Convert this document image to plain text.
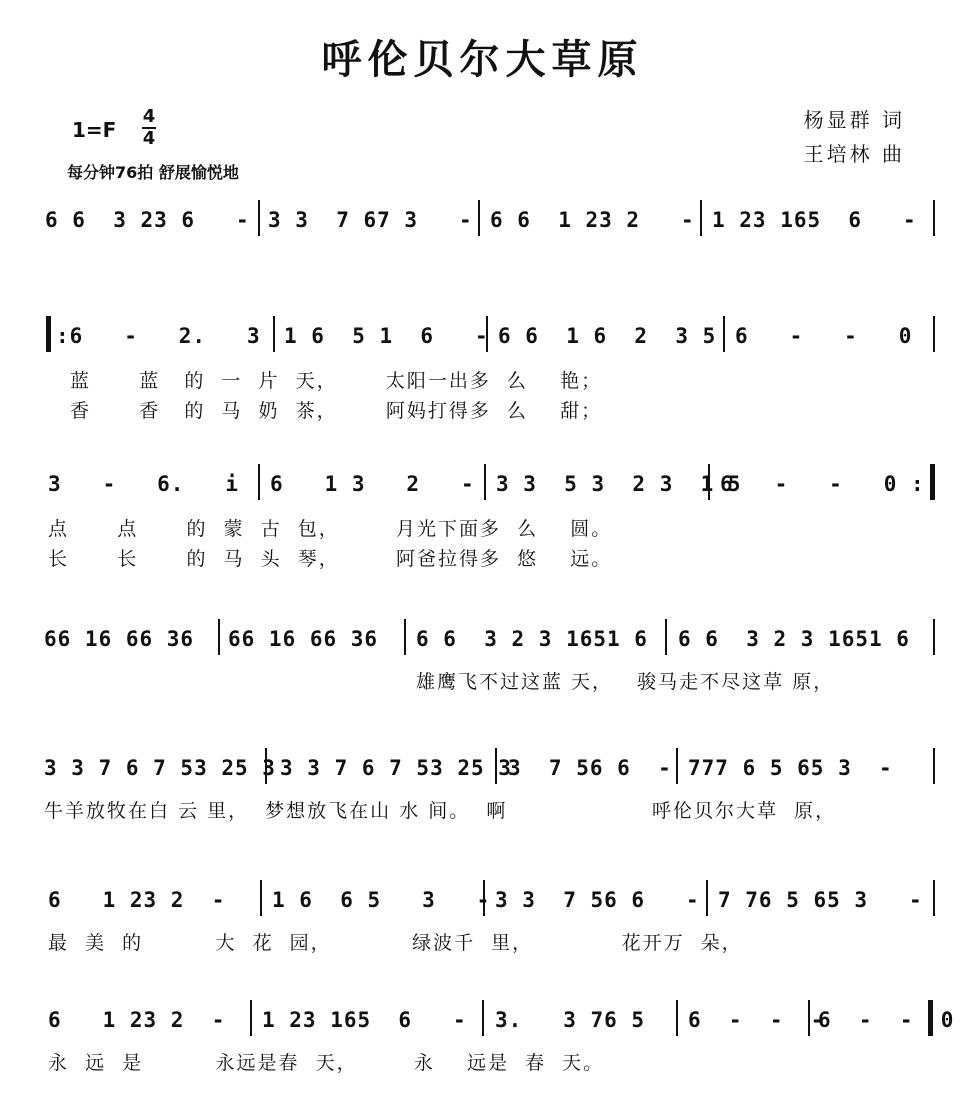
呼伦贝尔大草原
杨显群 词
王培林 曲
1=F
4
4
每分钟76拍 舒展愉悦地
6 6  3 23 6   - 3 3  7 67 3   - 6 6  1 23 2   - 1 23 165  6   -
:6   -   2.   3 1 6  5 1  6   - 6 6  1 6  2  3 5 6   -   -   0
蓝      蓝   的  一  片  天，      太阳一出多  么    艳；
香      香   的  马  奶  茶，      阿妈打得多  么    甜；
3   -   6.   i 6   1 3   2   - 3 3  5 3  2 3  1 5
6   -   -   0 :
点      点      的  蒙  古  包，       月光下面多  么    圆。
长      长      的  马  头  琴，       阿爸拉得多  悠    远。
66 16 66 36 66 16 66 36 6 6  3 2 3 1651 6 6 6  3 2 3 1651 6
雄鹰飞不过这蓝 天，   骏马走不尽这草 原，
3 3 7 6 7 53 25 3 3 3 7 6 7 53 25 3
3  7 56 6  - 777 6 5 65 3  -
牛羊放牧在白 云 里，  梦想放飞在山 水 间。  啊                  呼伦贝尔大草  原，
6   1 23 2  - 1 6  6 5   3   - 3 3  7 56 6   - 7 76 5 65 3   -
最  美  的         大  花  园，          绿波千  里，           花开万  朵，
6   1 23 2  - 1 23 165  6   - 3.   3 76 5 6  -  -  -
6  -  -  0
永  远  是         永远是春  天，       永    远是  春  天。
